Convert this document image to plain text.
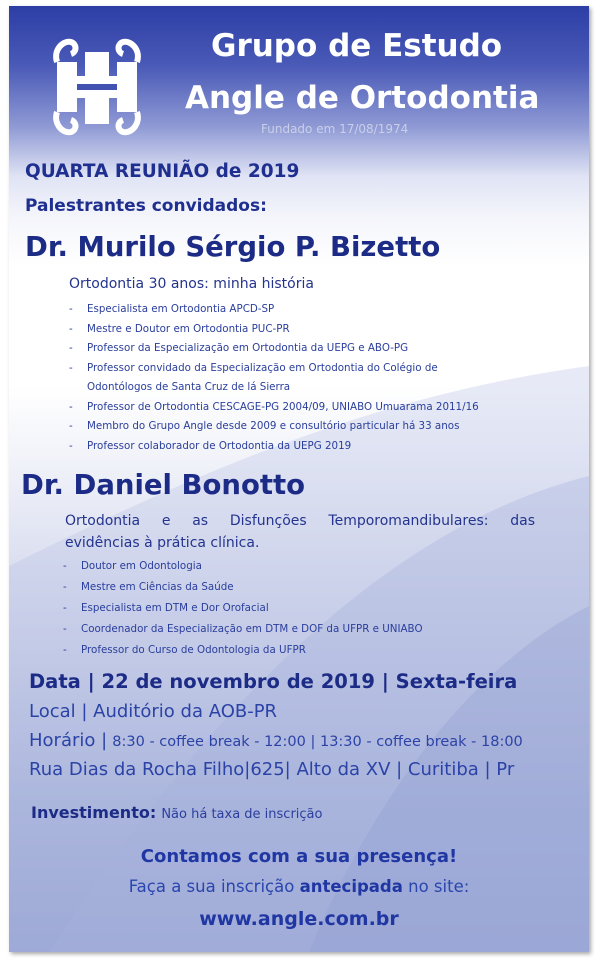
Grupo de Estudo
Angle de Ortodontia
Fundado em 17/08/1974
QUARTA REUNIÃO de 2019
Palestrantes convidados:
Dr. Murilo Sérgio P. Bizetto
Ortodontia 30 anos: minha história
- Especialista em Ortodontia APCD-SP
- Mestre e Doutor em Ortodontia PUC-PR
- Professor da Especialização em Ortodontia da UEPG e ABO-PG
- Professor convidado da Especialização em Ortodontia do Colégio de
Odontólogos de Santa Cruz de lá Sierra
- Professor de Ortodontia CESCAGE-PG 2004/09, UNIABO Umuarama 2011/16
- Membro do Grupo Angle desde 2009 e consultório particular há 33 anos
- Professor colaborador de Ortodontia da UEPG 2019
Dr. Daniel Bonotto
Ortodontia e as Disfunções Temporomandibulares: das
evidências à prática clínica.
- Doutor em Odontologia
- Mestre em Ciências da Saúde
- Especialista em DTM e Dor Orofacial
- Coordenador da Especialização em DTM e DOF da UFPR e UNIABO
- Professor do Curso de Odontologia da UFPR
Data | 22 de novembro de 2019 | Sexta-feira
Local | Auditório da AOB-PR
Horário | 8:30 - coffee break - 12:00 | 13:30 - coffee break - 18:00
Rua Dias da Rocha Filho|625| Alto da XV | Curitiba | Pr
Investimento: Não há taxa de inscrição
Contamos com a sua presença!
Faça a sua inscrição antecipada no site:
www.angle.com.br
